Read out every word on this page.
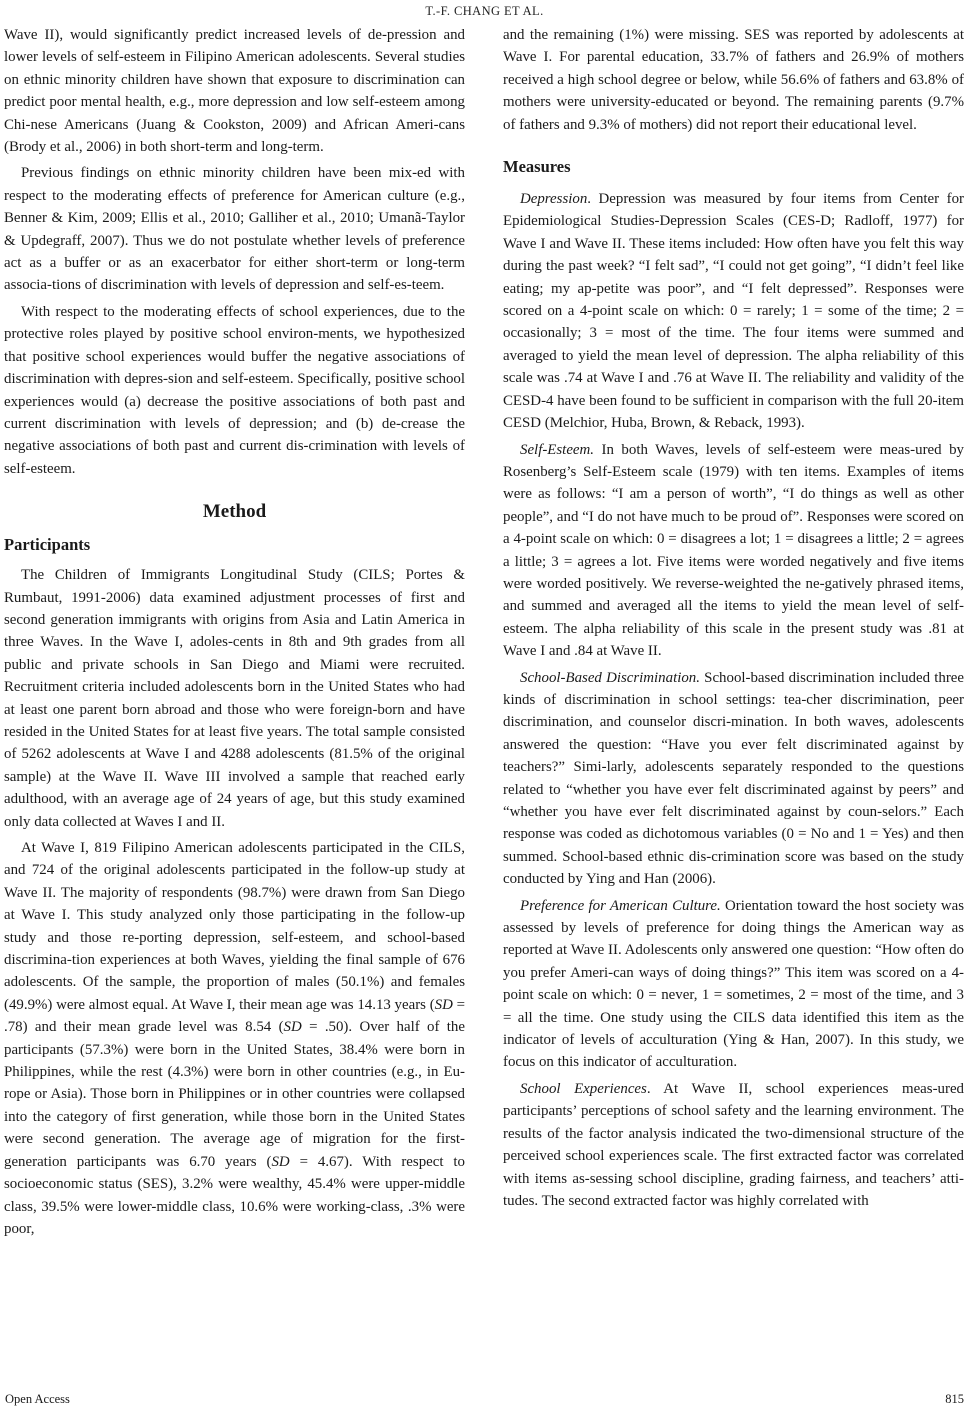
T.-F. CHANG ET AL.

Wave II), would significantly predict increased levels of de-pression and lower levels of self-esteem in Filipino American adolescents. Several studies on ethnic minority children have shown that exposure to discrimination can predict poor mental health, e.g., more depression and low self-esteem among Chi-nese Americans (Juang & Cookston, 2009) and African Ameri-cans (Brody et al., 2006) in both short-term and long-term.

Previous findings on ethnic minority children have been mix-ed with respect to the moderating effects of preference for American culture (e.g., Benner & Kim, 2009; Ellis et al., 2010; Galliher et al., 2010; Umanã-Taylor & Updegraff, 2007). Thus we do not postulate whether levels of preference act as a buffer or as an exacerbator for either short-term or long-term associa-tions of discrimination with levels of depression and self-es-teem.

With respect to the moderating effects of school experiences, due to the protective roles played by positive school environ-ments, we hypothesized that positive school experiences would buffer the negative associations of discrimination with depres-sion and self-esteem. Specifically, positive school experiences would (a) decrease the positive associations of both past and current discrimination with levels of depression; and (b) de-crease the negative associations of both past and current dis-crimination with levels of self-esteem.

Method
Participants

The Children of Immigrants Longitudinal Study (CILS; Portes & Rumbaut, 1991-2006) data examined adjustment processes of first and second generation immigrants with origins from Asia and Latin America in three Waves. In the Wave I, adoles-cents in 8th and 9th grades from all public and private schools in San Diego and Miami were recruited. Recruitment criteria included adolescents born in the United States who had at least one parent born abroad and those who were foreign-born and have resided in the United States for at least five years. The total sample consisted of 5262 adolescents at Wave I and 4288 adolescents (81.5% of the original sample) at the Wave II. Wave III involved a sample that reached early adulthood, with an average age of 24 years of age, but this study examined only data collected at Waves I and II.

At Wave I, 819 Filipino American adolescents participated in the CILS, and 724 of the original adolescents participated in the follow-up study at Wave II. The majority of respondents (98.7%) were drawn from San Diego at Wave I. This study analyzed only those participating in the follow-up study and those re-porting depression, self-esteem, and school-based discrimina-tion experiences at both Waves, yielding the final sample of 676 adolescents. Of the sample, the proportion of males (50.1%) and females (49.9%) were almost equal. At Wave I, their mean age was 14.13 years (SD = .78) and their mean grade level was 8.54 (SD = .50). Over half of the participants (57.3%) were born in the United States, 38.4% were born in Philippines, while the rest (4.3%) were born in other countries (e.g., in Eu-rope or Asia). Those born in Philippines or in other countries were collapsed into the category of first generation, while those born in the United States were second generation. The average age of migration for the first-generation participants was 6.70 years (SD = 4.67). With respect to socioeconomic status (SES), 3.2% were wealthy, 45.4% were upper-middle class, 39.5% were lower-middle class, 10.6% were working-class, .3% were poor,

and the remaining (1%) were missing. SES was reported by adolescents at Wave I. For parental education, 33.7% of fathers and 26.9% of mothers received a high school degree or below, while 56.6% of fathers and 63.8% of mothers were university-educated or beyond. The remaining parents (9.7% of fathers and 9.3% of mothers) did not report their educational level.

Measures

Depression. Depression was measured by four items from Center for Epidemiological Studies-Depression Scales (CES-D; Radloff, 1977) for Wave I and Wave II. These items included: How often have you felt this way during the past week? “I felt sad”, “I could not get going”, “I didn’t feel like eating; my ap-petite was poor”, and “I felt depressed”. Responses were scored on a 4-point scale on which: 0 = rarely; 1 = some of the time; 2 = occasionally; 3 = most of the time. The four items were summed and averaged to yield the mean level of depression. The alpha reliability of this scale was .74 at Wave I and .76 at Wave II. The reliability and validity of the CESD-4 have been found to be sufficient in comparison with the full 20-item CESD (Melchior, Huba, Brown, & Reback, 1993).

Self-Esteem. In both Waves, levels of self-esteem were meas-ured by Rosenberg’s Self-Esteem scale (1979) with ten items. Examples of items were as follows: “I am a person of worth”, “I do things as well as other people”, and “I do not have much to be proud of”. Responses were scored on a 4-point scale on which: 0 = disagrees a lot; 1 = disagrees a little; 2 = agrees a little; 3 = agrees a lot. Five items were worded negatively and five items were worded positively. We reverse-weighted the ne-gatively phrased items, and summed and averaged all the items to yield the mean level of self-esteem. The alpha reliability of this scale in the present study was .81 at Wave I and .84 at Wave II.

School-Based Discrimination. School-based discrimination included three kinds of discrimination in school settings: tea-cher discrimination, peer discrimination, and counselor discri-mination. In both waves, adolescents answered the question: “Have you ever felt discriminated against by teachers?” Simi-larly, adolescents separately responded to the questions related to “whether you have ever felt discriminated against by peers” and “whether you have ever felt discriminated against by coun-selors.” Each response was coded as dichotomous variables (0 = No and 1 = Yes) and then summed. School-based ethnic dis-crimination score was based on the study conducted by Ying and Han (2006).

Preference for American Culture. Orientation toward the host society was assessed by levels of preference for doing things the American way as reported at Wave II. Adolescents only answered one question: “How often do you prefer Ameri-can ways of doing things?” This item was scored on a 4-point scale on which: 0 = never, 1 = sometimes, 2 = most of the time, and 3 = all the time. One study using the CILS data identified this item as the indicator of levels of acculturation (Ying & Han, 2007). In this study, we focus on this indicator of acculturation.

School Experiences. At Wave II, school experiences meas-ured participants’ perceptions of school safety and the learning environment. The results of the factor analysis indicated the two-dimensional structure of the perceived school experiences scale. The first extracted factor was correlated with items as-sessing school discipline, grading fairness, and teachers’ atti-tudes. The second extracted factor was highly correlated with

Open Access	815
